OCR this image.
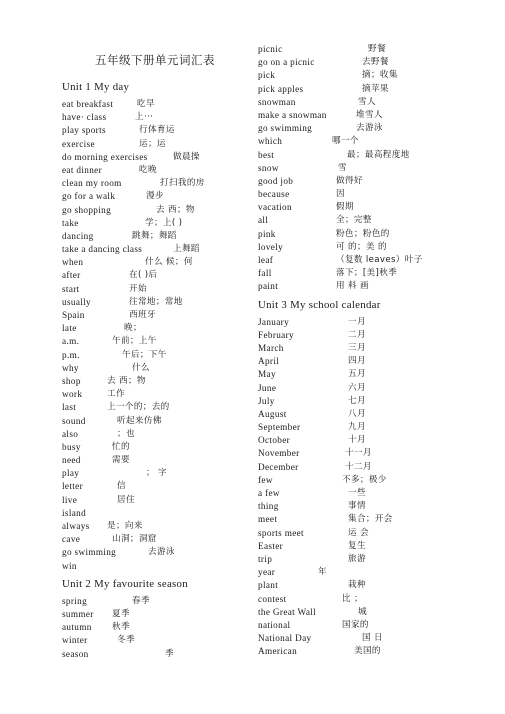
五年级下册单元词汇表
Unit 1 My day
eat breakfast	吃早
have· class	上···
play sports	行体育运
exercise	运；运
do morning exercises	做晨操
eat dinner	吃晚
clean my room	打扫我的房
go for a walk	漫步
go shopping	去 西；物
take	学；上( )
dancing	跳舞；舞蹈
take a dancing class	上舞蹈
when	什么 候；何
after	在( )后
start	开始
usually	往常地；常地
Spain	西班牙
late	晚；
a.m.	午前；上午
p.m.	午后；下午
why	什么
shop	去 西；物
work	工作
last	上一个的；去的
sound	听起来仿佛
also	；也
busy	忙的
need	需要
play	； 字
letter	信
live	居住
island
always 是；向来
cave	山洞；洞窟
go swimming	去游泳
win
Unit 2 My favourite season
spring	春季
summer 夏季
autumn 秋季
winter	冬季
season	季
picnic	野餐
go on a picnic	去野餐
pick	摘；收集
pick apples	摘苹果
snowman	雪人
make a snowman	堆雪人
go swimming	去游泳
which	哪一个
best	最；最高程度地
snow	雪
good job	做得好
because	因
vacation	假期
all	全；完整
pink	粉色；粉色的
lovely	可 的；美 的
leaf	（复数 leaves）叶子
fall	落下；[美]秋季
paint	用 料 画
Unit 3 My school calendar
January	一月
February	二月
March	三月
April	四月
May	五月
June	六月
July	七月
August	八月
September	九月
October	十月
November	十一月
December	十二月
few	不多；极少
a few	一些
thing	事情
meet	集合；开会
sports meet	运 会
Easter	复生
trip	旅游
year	年
plant	栽种
contest	比 ；
the Great Wall	城
national	国家的
National Day	国 日
American	美国的
